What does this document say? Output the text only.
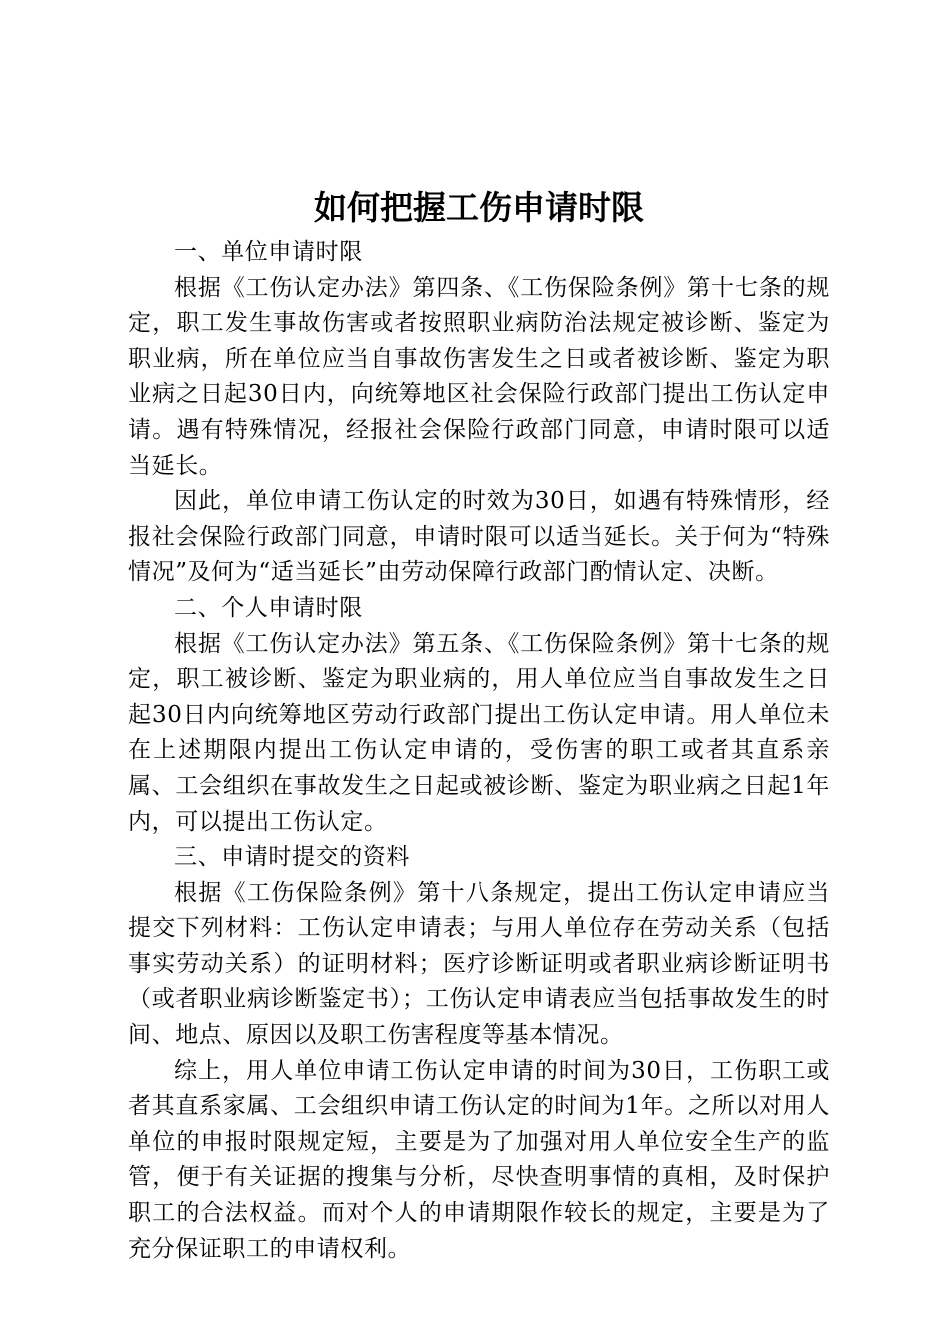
如何把握工伤申请时限

一、单位申请时限

根据《工伤认定办法》第四条、《工伤保险条例》第十七条的规定，职工发生事故伤害或者按照职业病防治法规定被诊断、鉴定为职业病，所在单位应当自事故伤害发生之日或者被诊断、鉴定为职业病之日起30日内，向统筹地区社会保险行政部门提出工伤认定申请。遇有特殊情况，经报社会保险行政部门同意，申请时限可以适当延长。

因此，单位申请工伤认定的时效为30日，如遇有特殊情形，经报社会保险行政部门同意，申请时限可以适当延长。关于何为“特殊情况”及何为“适当延长”由劳动保障行政部门酌情认定、决断。

二、个人申请时限

根据《工伤认定办法》第五条、《工伤保险条例》第十七条的规定，职工被诊断、鉴定为职业病的，用人单位应当自事故发生之日起30日内向统筹地区劳动行政部门提出工伤认定申请。用人单位未在上述期限内提出工伤认定申请的，受伤害的职工或者其直系亲属、工会组织在事故发生之日起或被诊断、鉴定为职业病之日起1年内，可以提出工伤认定。

三、申请时提交的资料

根据《工伤保险条例》第十八条规定，提出工伤认定申请应当提交下列材料：工伤认定申请表；与用人单位存在劳动关系（包括事实劳动关系）的证明材料；医疗诊断证明或者职业病诊断证明书（或者职业病诊断鉴定书）；工伤认定申请表应当包括事故发生的时间、地点、原因以及职工伤害程度等基本情况。

综上，用人单位申请工伤认定申请的时间为30日，工伤职工或者其直系家属、工会组织申请工伤认定的时间为1年。之所以对用人单位的申报时限规定短，主要是为了加强对用人单位安全生产的监管，便于有关证据的搜集与分析，尽快查明事情的真相，及时保护职工的合法权益。而对个人的申请期限作较长的规定，主要是为了充分保证职工的申请权利。
